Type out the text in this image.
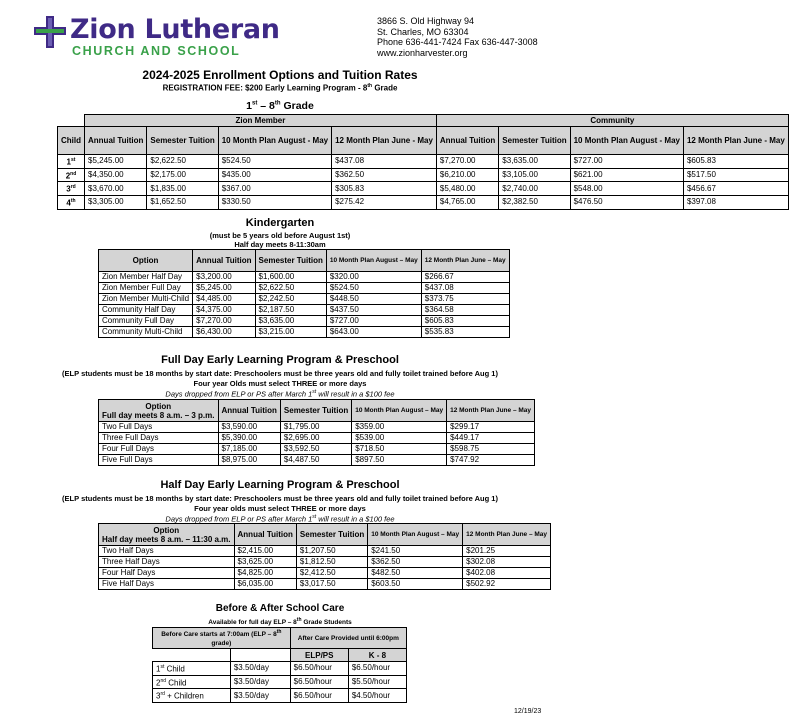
Zion Lutheran
CHURCH AND SCHOOL
3866 S. Old Highway 94
St. Charles, MO 63304
Phone 636-441-7424 Fax 636-447-3008
www.zionharvester.org
2024-2025 Enrollment Options and Tuition Rates
REGISTRATION FEE: $200 Early Learning Program - 8th Grade
1st – 8th Grade
	Zion Member				Community			
Child	Annual Tuition	Semester Tuition	10 Month Plan August - May	12 Month Plan June - May	Annual Tuition	Semester Tuition	10 Month Plan August - May	12 Month Plan June - May
1st	$5,245.00	$2,622.50	$524.50	$437.08	$7,270.00	$3,635.00	$727.00	$605.83
2nd	$4,350.00	$2,175.00	$435.00	$362.50	$6,210.00	$3,105.00	$621.00	$517.50
3rd	$3,670.00	$1,835.00	$367.00	$305.83	$5,480.00	$2,740.00	$548.00	$456.67
4th	$3,305.00	$1,652.50	$330.50	$275.42	$4,765.00	$2,382.50	$476.50	$397.08
Kindergarten
(must be 5 years old before August 1st)
Half day meets 8-11:30am
Option	Annual Tuition	Semester Tuition	10 Month Plan August – May	12 Month Plan June – May
Zion Member Half Day	$3,200.00	$1,600.00	$320.00	$266.67
Zion Member Full Day	$5,245.00	$2,622.50	$524.50	$437.08
Zion Member Multi-Child	$4,485.00	$2,242.50	$448.50	$373.75
Community Half Day	$4,375.00	$2,187.50	$437.50	$364.58
Community Full Day	$7,270.00	$3,635.00	$727.00	$605.83
Community Multi-Child	$6,430.00	$3,215.00	$643.00	$535.83
Full Day Early Learning Program & Preschool
(ELP students must be 18 months by start date: Preschoolers must be three years old and fully toilet trained before Aug 1)
Four year Olds must select THREE or more days
Days dropped from ELP or PS after March 1st will result in a $100 fee
Option
Full day meets 8 a.m. – 3 p.m.	Annual Tuition	Semester Tuition	10 Month Plan August – May	12 Month Plan June – May
Two Full Days	$3,590.00	$1,795.00	$359.00	$299.17
Three Full Days	$5,390.00	$2,695.00	$539.00	$449.17
Four Full Days	$7,185.00	$3,592.50	$718.50	$598.75
Five Full Days	$8,975.00	$4,487.50	$897.50	$747.92
Half Day Early Learning Program & Preschool
(ELP students must be 18 months by start date: Preschoolers must be three years old and fully toilet trained before Aug 1)
Four year olds must select THREE or more days
Days dropped from ELP or PS after March 1st will result in a $100 fee
Option
Half day meets 8 a.m. – 11:30 a.m.	Annual Tuition	Semester Tuition	10 Month Plan August – May	12 Month Plan June – May
Two Half Days	$2,415.00	$1,207.50	$241.50	$201.25
Three Half Days	$3,625.00	$1,812.50	$362.50	$302.08
Four Half Days	$4,825.00	$2,412.50	$482.50	$402.08
Five Half Days	$6,035.00	$3,017.50	$603.50	$502.92
Before & After School Care
Available for full day ELP – 8th Grade Students
Before Care starts at 7:00am (ELP – 8th grade)		After Care Provided until 6:00pm	
		ELP/PS	K - 8
1st Child	$3.50/day	$6.50/hour	$6.50/hour
2nd Child	$3.50/day	$6.50/hour	$5.50/hour
3rd + Children	$3.50/day	$6.50/hour	$4.50/hour
12/19/23
